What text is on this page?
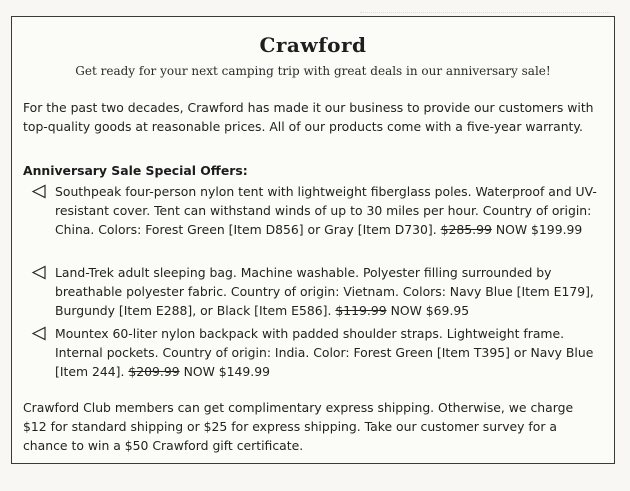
Crawford
Get ready for your next camping trip with great deals in our anniversary sale!
For the past two decades, Crawford has made it our business to provide our customers with top-quality goods at reasonable prices. All of our products come with a five-year warranty.
Anniversary Sale Special Offers:
Southpeak four-person nylon tent with lightweight fiberglass poles. Waterproof and UV-resistant cover. Tent can withstand winds of up to 30 miles per hour. Country of origin: China. Colors: Forest Green [Item D856] or Gray [Item D730]. $285.99 NOW $199.99
Land-Trek adult sleeping bag. Machine washable. Polyester filling surrounded by breathable polyester fabric. Country of origin: Vietnam. Colors: Navy Blue [Item E179], Burgundy [Item E288], or Black [Item E586]. $119.99 NOW $69.95
Mountex 60-liter nylon backpack with padded shoulder straps. Lightweight frame. Internal pockets. Country of origin: India. Color: Forest Green [Item T395] or Navy Blue [Item 244]. $209.99 NOW $149.99
Crawford Club members can get complimentary express shipping. Otherwise, we charge $12 for standard shipping or $25 for express shipping. Take our customer survey for a chance to win a $50 Crawford gift certificate.
